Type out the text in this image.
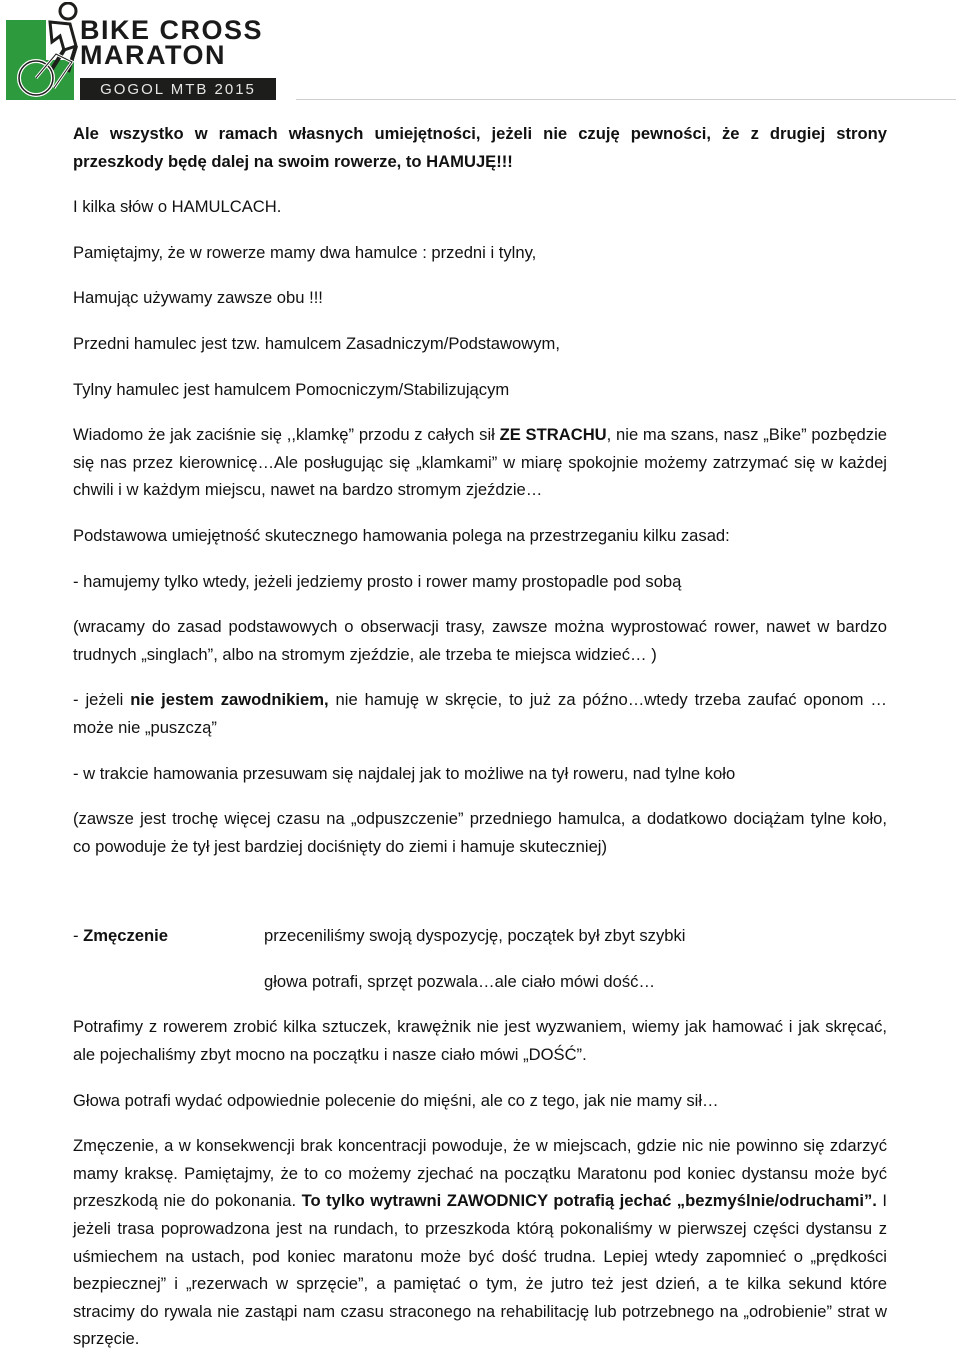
BIKE CROSS
MARATON
GOGOL MTB 2015

Ale wszystko w ramach własnych umiejętności, jeżeli nie czuję pewności, że z drugiej strony przeszkody będę dalej na swoim rowerze, to HAMUJĘ!!!

I kilka słów o HAMULCACH.

Pamiętajmy, że w rowerze mamy dwa hamulce : przedni i tylny,

Hamując używamy zawsze obu !!!

Przedni hamulec jest tzw. hamulcem Zasadniczym/Podstawowym,

Tylny hamulec jest hamulcem Pomocniczym/Stabilizującym

Wiadomo że jak zaciśnie się ,,klamkę” przodu z całych sił ZE STRACHU, nie ma szans, nasz „Bike” pozbędzie się nas przez kierownicę…Ale posługując się „klamkami” w miarę spokojnie możemy zatrzymać się w każdej chwili i w każdym miejscu, nawet na bardzo stromym zjeździe…

Podstawowa umiejętność skutecznego hamowania polega na przestrzeganiu kilku zasad:

- hamujemy tylko wtedy, jeżeli jedziemy prosto i rower mamy prostopadle pod sobą

(wracamy do zasad podstawowych o obserwacji trasy, zawsze można wyprostować rower, nawet w bardzo trudnych „singlach”, albo na stromym zjeździe, ale trzeba te miejsca widzieć… )

- jeżeli nie jestem zawodnikiem, nie hamuję w skręcie, to już za późno…wtedy trzeba zaufać oponom …może nie „puszczą”

- w trakcie hamowania przesuwam się najdalej jak to możliwe na tył roweru, nad tylne koło

(zawsze jest trochę więcej czasu na „odpuszczenie” przedniego hamulca, a dodatkowo dociążam tylne koło, co powoduje że tył jest bardziej dociśnięty do ziemi i hamuje skuteczniej)

- Zmęczenie	przeceniliśmy swoją dyspozycję, początek był zbyt szybki

głowa potrafi, sprzęt pozwala…ale ciało mówi dość…

Potrafimy z rowerem zrobić kilka sztuczek, krawężnik nie jest wyzwaniem, wiemy jak hamować i jak skręcać, ale pojechaliśmy zbyt mocno na początku i nasze ciało mówi „DOŚĆ”.

Głowa potrafi wydać odpowiednie polecenie do mięśni, ale co z tego, jak nie mamy sił…

Zmęczenie, a w konsekwencji brak koncentracji powoduje, że w miejscach, gdzie nic nie powinno się zdarzyć mamy kraksę. Pamiętajmy, że to co możemy zjechać na początku Maratonu pod koniec dystansu może być przeszkodą nie do pokonania. To tylko wytrawni ZAWODNICY potrafią jechać „bezmyślnie/odruchami”. I jeżeli trasa poprowadzona jest na rundach, to przeszkoda którą pokonaliśmy w pierwszej części dystansu z uśmiechem na ustach, pod koniec maratonu może być dość trudna. Lepiej wtedy zapomnieć o „prędkości bezpiecznej” i „rezerwach w sprzęcie”, a pamiętać o tym, że jutro też jest dzień, a te kilka sekund które stracimy do rywala nie zastąpi nam czasu straconego na rehabilitację lub potrzebnego na „odrobienie” strat w sprzęcie.
